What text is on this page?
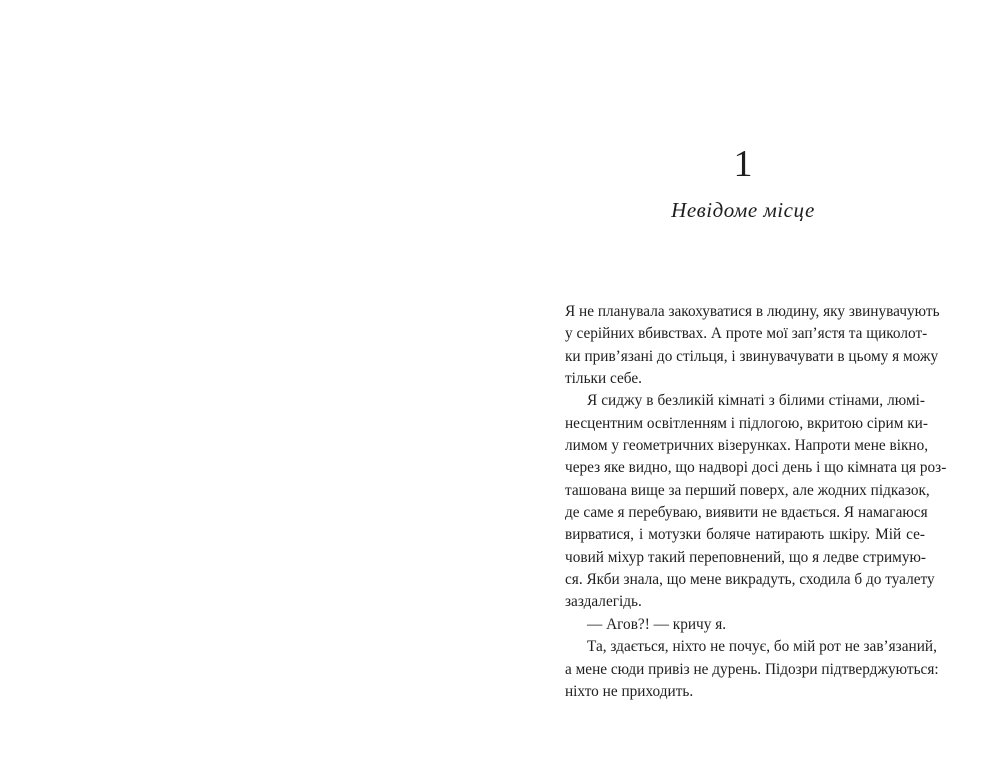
1
Невідоме місце

Я не планувала закохуватися в людину, яку звинувачують
у серійних вбивствах. А проте мої зап’ястя та щиколот-
ки прив’язані до стільця, і звинувачувати в цьому я можу
тільки себе.

Я сиджу в безликій кімнаті з білими стінами, люмі-
несцентним освітленням і підлогою, вкритою сірим ки-
лимом у геометричних візерунках. Напроти мене вікно,
через яке видно, що надворі досі день і що кімната ця роз-
ташована вище за перший поверх, але жодних підказок,
де саме я перебуваю, виявити не вдається. Я намагаюся
вирватися, і мотузки боляче натирають шкіру. Мій се-
човий міхур такий переповнений, що я ледве стримую-
ся. Якби знала, що мене викрадуть, сходила б до туалету
заздалегідь.

— Агов?! — кричу я.

Та, здається, ніхто не почує, бо мій рот не зав’язаний,
а мене сюди привіз не дурень. Підозри підтверджуються:
ніхто не приходить.
